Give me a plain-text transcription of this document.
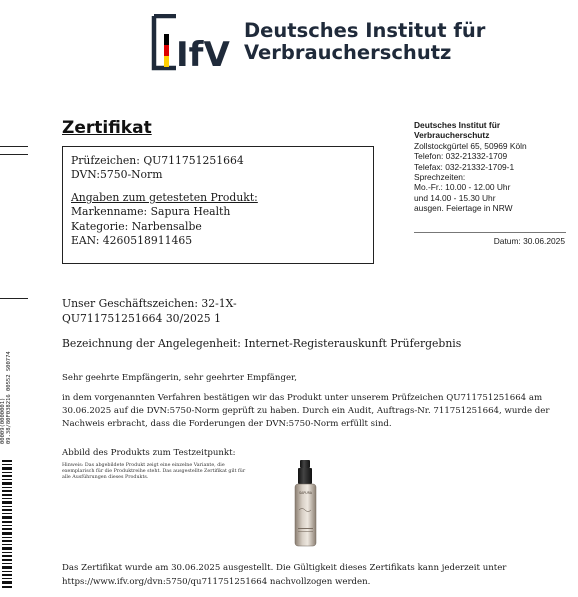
IfV
Deutsches Institut für
Verbraucherschutz
00009(0000001) 09.38/80F038216 00552 S00774
Zertifikat
Prüfzeichen: QU711751251664
DVN:5750-Norm
Angaben zum getesteten Produkt:
Markenname: Sapura Health
Kategorie: Narbensalbe
EAN: 4260518911465
Deutsches Institut für
Verbraucherschutz
Zollstockgürtel 65, 50969 Köln
Telefon: 032-21332-1709
Telefax: 032-21332-1709-1
Sprechzeiten:
Mo.-Fr.: 10.00 - 12.00 Uhr
und 14.00 - 15.30 Uhr
ausgen. Feiertage in NRW
Datum: 30.06.2025
Unser Geschäftszeichen: 32-1X-QU711751251664 30/2025 1
Bezeichnung der Angelegenheit: Internet-Registerauskunft Prüfergebnis
Sehr geehrte Empfängerin, sehr geehrter Empfänger,
in dem vorgenannten Verfahren bestätigen wir das Produkt unter unserem Prüfzeichen QU711751251664 am 30.06.2025 auf die DVN:5750-Norm geprüft zu haben. Durch ein Audit, Auftrags-Nr. 711751251664, wurde der Nachweis erbracht, dass die Forderungen der DVN:5750-Norm erfüllt sind.
Abbild des Produkts zum Testzeitpunkt:
Hinweis: Das abgebildete Produkt zeigt eine einzelne Variante, die exemplarisch für die Produktreihe steht. Das ausgestellte Zertifikat gilt für alle Ausführungen dieses Produkts.
SAPURA
Das Zertifikat wurde am 30.06.2025 ausgestellt. Die Gültigkeit dieses Zertifikats kann jederzeit unter https://www.ifv.org/dvn:5750/qu711751251664 nachvollzogen werden.
